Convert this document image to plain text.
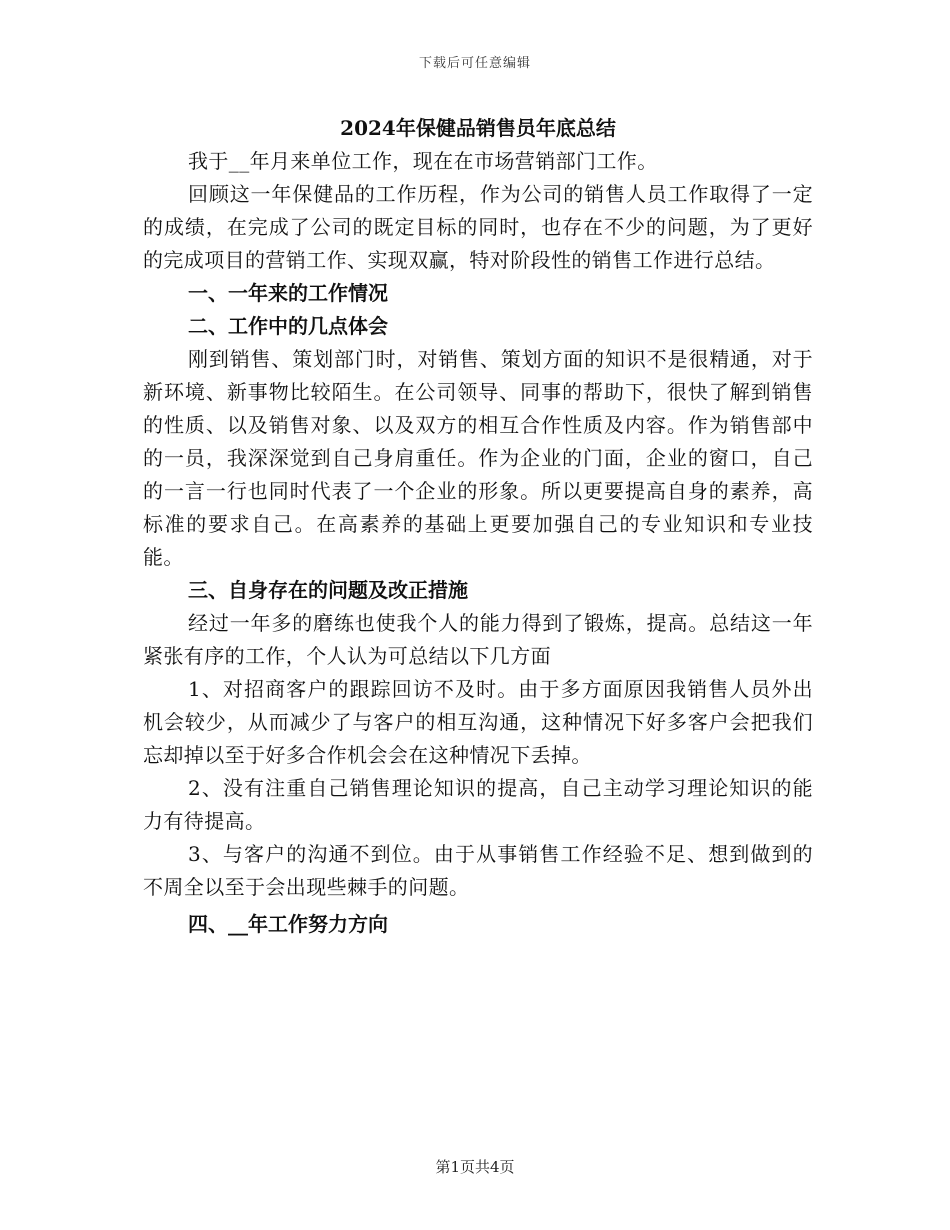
下载后可任意编辑
2024年保健品销售员年底总结

我于__年月来单位工作，现在在市场营销部门工作。

回顾这一年保健品的工作历程，作为公司的销售人员工作取得了一定的成绩，在完成了公司的既定目标的同时，也存在不少的问题，为了更好的完成项目的营销工作、实现双赢，特对阶段性的销售工作进行总结。

一、一年来的工作情况

二、工作中的几点体会

刚到销售、策划部门时，对销售、策划方面的知识不是很精通，对于新环境、新事物比较陌生。在公司领导、同事的帮助下，很快了解到销售的性质、以及销售对象、以及双方的相互合作性质及内容。作为销售部中的一员，我深深觉到自己身肩重任。作为企业的门面，企业的窗口，自己的一言一行也同时代表了一个企业的形象。所以更要提高自身的素养，高标准的要求自己。在高素养的基础上更要加强自己的专业知识和专业技能。

三、自身存在的问题及改正措施

经过一年多的磨练也使我个人的能力得到了锻炼，提高。总结这一年紧张有序的工作，个人认为可总结以下几方面

1、对招商客户的跟踪回访不及时。由于多方面原因我销售人员外出机会较少，从而减少了与客户的相互沟通，这种情况下好多客户会把我们忘却掉以至于好多合作机会会在这种情况下丢掉。

2、没有注重自己销售理论知识的提高，自己主动学习理论知识的能力有待提高。

3、与客户的沟通不到位。由于从事销售工作经验不足、想到做到的不周全以至于会出现些棘手的问题。

四、__年工作努力方向

第1页共4页
